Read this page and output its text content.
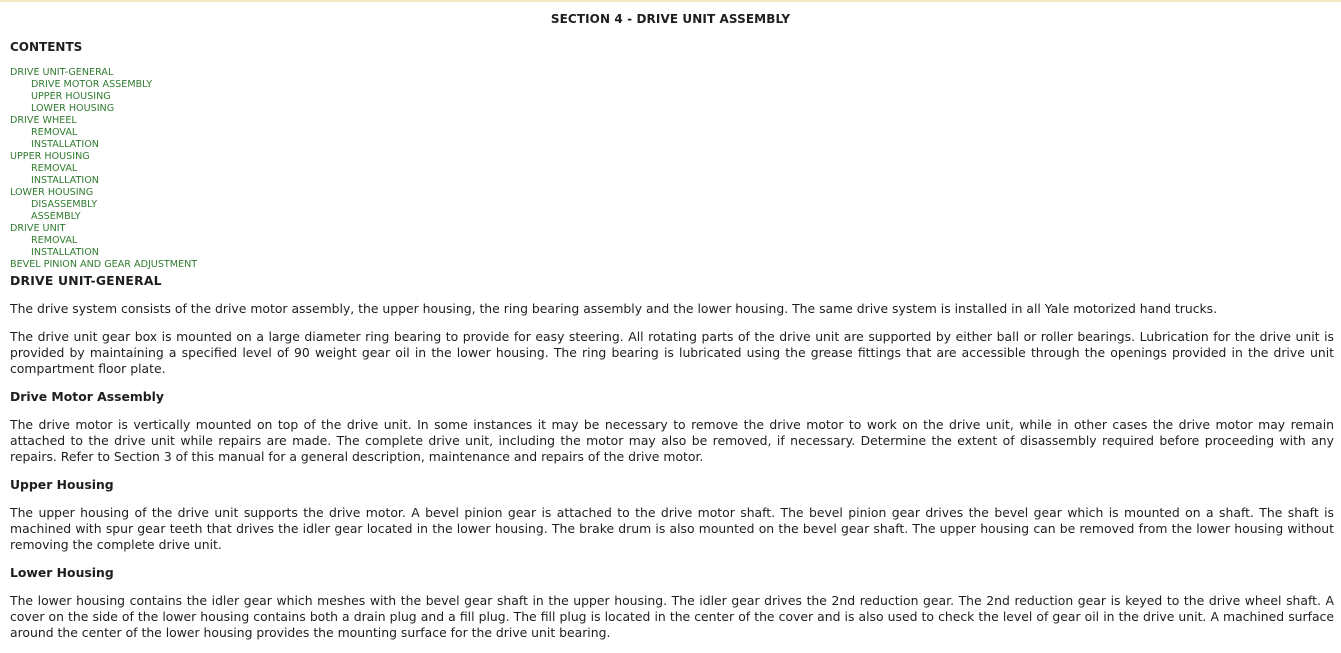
SECTION 4 - DRIVE UNIT ASSEMBLY
CONTENTS
DRIVE UNIT-GENERAL
DRIVE MOTOR ASSEMBLY
UPPER HOUSING
LOWER HOUSING
DRIVE WHEEL
REMOVAL
INSTALLATION
UPPER HOUSING
REMOVAL
INSTALLATION
LOWER HOUSING
DISASSEMBLY
ASSEMBLY
DRIVE UNIT
REMOVAL
INSTALLATION
BEVEL PINION AND GEAR ADJUSTMENT
DRIVE UNIT-GENERAL

The drive system consists of the drive motor assembly, the upper housing, the ring bearing assembly and the lower housing. The same drive system is installed in all Yale motorized hand trucks.

The drive unit gear box is mounted on a large diameter ring bearing to provide for easy steering. All rotating parts of the drive unit are supported by either ball or roller bearings. Lubrication for the drive unit is provided by maintaining a specified level of 90 weight gear oil in the lower housing. The ring bearing is lubricated using the grease fittings that are accessible through the openings provided in the drive unit compartment floor plate.

Drive Motor Assembly

The drive motor is vertically mounted on top of the drive unit. In some instances it may be necessary to remove the drive motor to work on the drive unit, while in other cases the drive motor may remain attached to the drive unit while repairs are made. The complete drive unit, including the motor may also be removed, if necessary. Determine the extent of disassembly required before proceeding with any repairs. Refer to Section 3 of this manual for a general description, maintenance and repairs of the drive motor.

Upper Housing

The upper housing of the drive unit supports the drive motor. A bevel pinion gear is attached to the drive motor shaft. The bevel pinion gear drives the bevel gear which is mounted on a shaft. The shaft is machined with spur gear teeth that drives the idler gear located in the lower housing. The brake drum is also mounted on the bevel gear shaft. The upper housing can be removed from the lower housing without removing the complete drive unit.

Lower Housing

The lower housing contains the idler gear which meshes with the bevel gear shaft in the upper housing. The idler gear drives the 2nd reduction gear. The 2nd reduction gear is keyed to the drive wheel shaft. A cover on the side of the lower housing contains both a drain plug and a fill plug. The fill plug is located in the center of the cover and is also used to check the level of gear oil in the drive unit. A machined surface around the center of the lower housing provides the mounting surface for the drive unit bearing.
